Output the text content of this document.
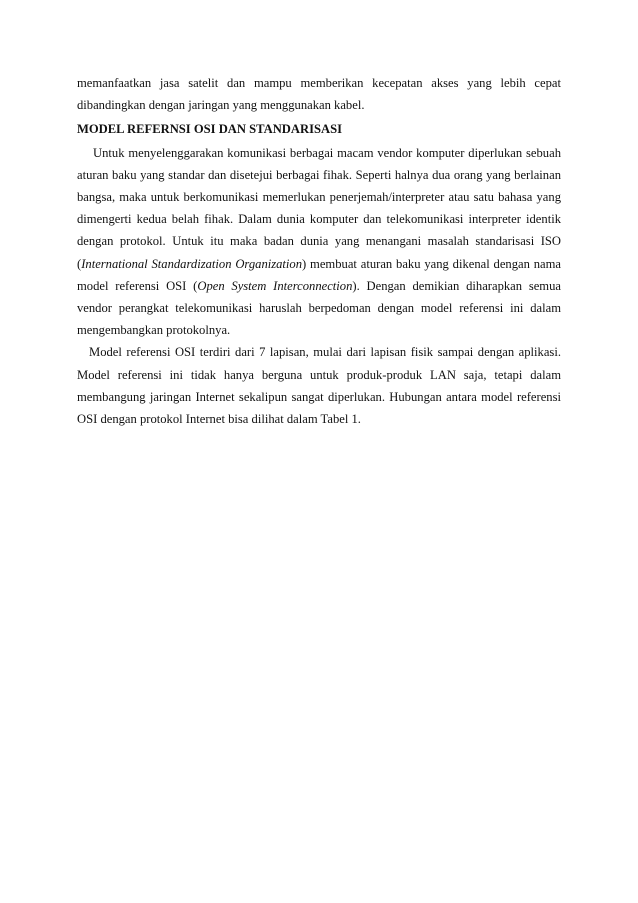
memanfaatkan jasa satelit dan mampu memberikan kecepatan akses yang lebih cepat dibandingkan dengan jaringan yang menggunakan kabel.

MODEL REFERNSI OSI DAN STANDARISASI

Untuk menyelenggarakan komunikasi berbagai macam vendor komputer diperlukan sebuah aturan baku yang standar dan disetejui berbagai fihak. Seperti halnya dua orang yang berlainan bangsa, maka untuk berkomunikasi memerlukan penerjemah/interpreter atau satu bahasa yang dimengerti kedua belah fihak. Dalam dunia komputer dan telekomunikasi interpreter identik dengan protokol. Untuk itu maka badan dunia yang menangani masalah standarisasi ISO (International Standardization Organization) membuat aturan baku yang dikenal dengan nama model referensi OSI (Open System Interconnection). Dengan demikian diharapkan semua vendor perangkat telekomunikasi haruslah berpedoman dengan model referensi ini dalam mengembangkan protokolnya.

Model referensi OSI terdiri dari 7 lapisan, mulai dari lapisan fisik sampai dengan aplikasi. Model referensi ini tidak hanya berguna untuk produk-produk LAN saja, tetapi dalam membangung jaringan Internet sekalipun sangat diperlukan. Hubungan antara model referensi OSI dengan protokol Internet bisa dilihat dalam Tabel 1.
